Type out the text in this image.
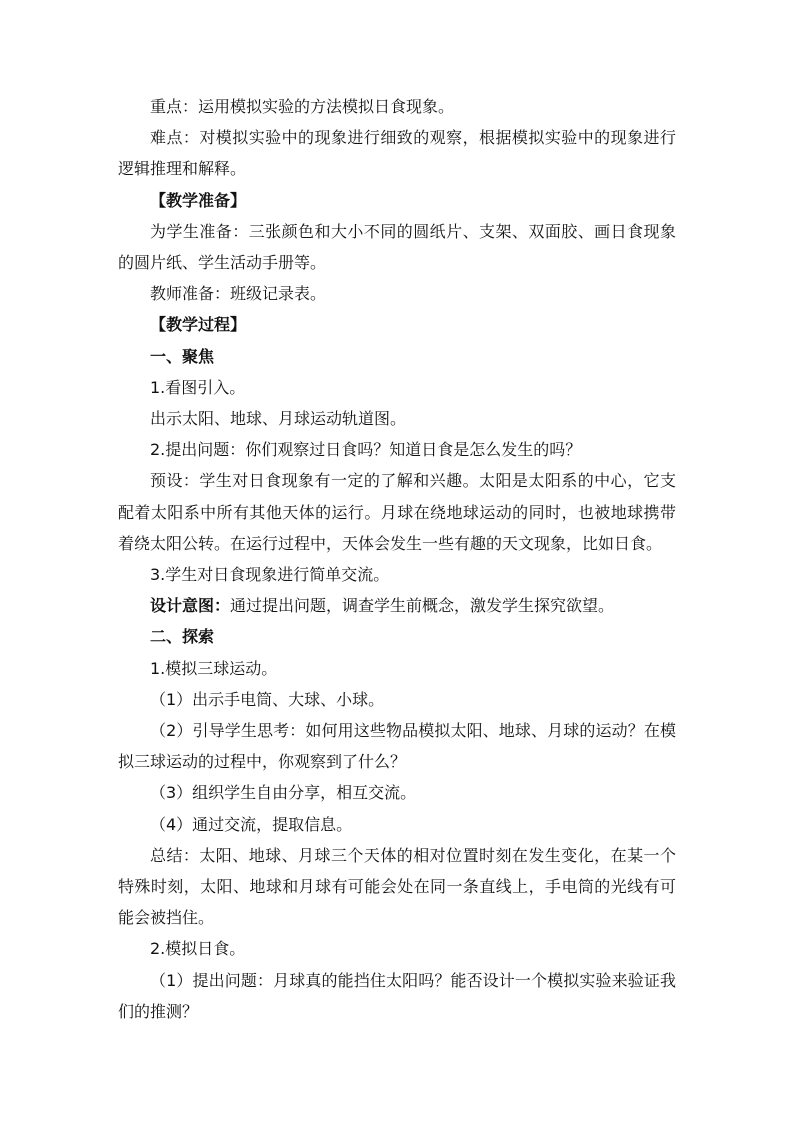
重点：运用模拟实验的方法模拟日食现象。

难点：对模拟实验中的现象进行细致的观察，根据模拟实验中的现象进行逻辑推理和解释。

【教学准备】

为学生准备：三张颜色和大小不同的圆纸片、支架、双面胶、画日食现象的圆片纸、学生活动手册等。

教师准备：班级记录表。

【教学过程】

一、聚焦

1.看图引入。

出示太阳、地球、月球运动轨道图。

2.提出问题：你们观察过日食吗？知道日食是怎么发生的吗？

预设：学生对日食现象有一定的了解和兴趣。太阳是太阳系的中心，它支配着太阳系中所有其他天体的运行。月球在绕地球运动的同时，也被地球携带着绕太阳公转。在运行过程中，天体会发生一些有趣的天文现象，比如日食。

3.学生对日食现象进行简单交流。

设计意图：通过提出问题，调查学生前概念，激发学生探究欲望。

二、探索

1.模拟三球运动。

（1）出示手电筒、大球、小球。

（2）引导学生思考：如何用这些物品模拟太阳、地球、月球的运动？在模拟三球运动的过程中，你观察到了什么？

（3）组织学生自由分享，相互交流。

（4）通过交流，提取信息。

总结：太阳、地球、月球三个天体的相对位置时刻在发生变化，在某一个特殊时刻，太阳、地球和月球有可能会处在同一条直线上，手电筒的光线有可能会被挡住。

2.模拟日食。

（1）提出问题：月球真的能挡住太阳吗？能否设计一个模拟实验来验证我们的推测？
